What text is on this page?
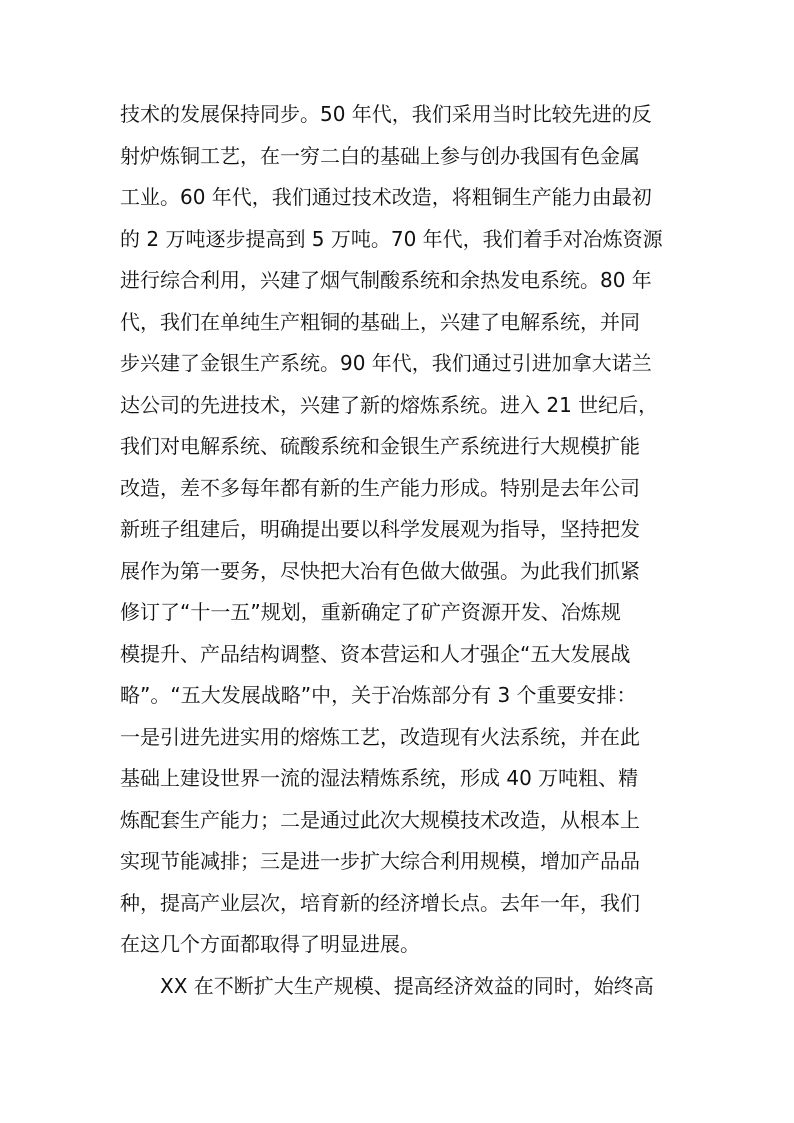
技术的发展保持同步。50 年代，我们采用当时比较先进的反
射炉炼铜工艺，在一穷二白的基础上参与创办我国有色金属
工业。60 年代，我们通过技术改造，将粗铜生产能力由最初
的 2 万吨逐步提高到 5 万吨。70 年代，我们着手对冶炼资源
进行综合利用，兴建了烟气制酸系统和余热发电系统。80 年
代，我们在单纯生产粗铜的基础上，兴建了电解系统，并同
步兴建了金银生产系统。90 年代，我们通过引进加拿大诺兰
达公司的先进技术，兴建了新的熔炼系统。进入 21 世纪后，
我们对电解系统、硫酸系统和金银生产系统进行大规模扩能
改造，差不多每年都有新的生产能力形成。特别是去年公司
新班子组建后，明确提出要以科学发展观为指导，坚持把发
展作为第一要务，尽快把大冶有色做大做强。为此我们抓紧
修订了“十一五”规划，重新确定了矿产资源开发、冶炼规
模提升、产品结构调整、资本营运和人才强企“五大发展战
略”。“五大发展战略”中，关于冶炼部分有 3 个重要安排：
一是引进先进实用的熔炼工艺，改造现有火法系统，并在此
基础上建设世界一流的湿法精炼系统，形成 40 万吨粗、精
炼配套生产能力；二是通过此次大规模技术改造，从根本上
实现节能减排；三是进一步扩大综合利用规模，增加产品品
种，提高产业层次，培育新的经济增长点。去年一年，我们
在这几个方面都取得了明显进展。
XX 在不断扩大生产规模、提高经济效益的同时，始终高
